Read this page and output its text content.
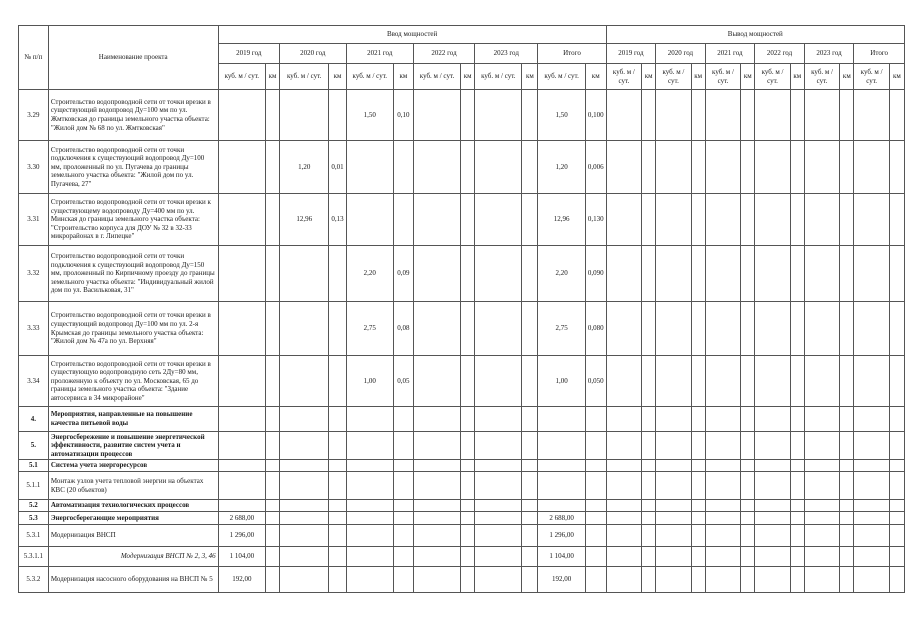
№ п/п	Наименование проекта	Ввод мощностей												Вывод мощностей											
		2019 год		2020 год		2021 год		2022 год		2023 год		Итого		2019 год		2020 год		2021 год		2022 год		2023 год		Итого	
		куб. м / сут.	км	куб. м / сут.	км	куб. м / сут.	км	куб. м / сут.	км	куб. м / сут.	км	куб. м / сут.	км	куб. м / сут.	км	куб. м / сут.	км	куб. м / сут.	км	куб. м / сут.	км	куб. м / сут.	км	куб. м / сут.	км
3.29	Строительство водопроводной сети от точки врезки в существующий водопровод Ду=100 мм по ул. Жмтковская до границы земельного участка объекта: "Жилой дом № 68 по ул. Жмтковская"					1,50	0,10					1,50	0,100												
3.30	Строительство водопроводной сети от точки подключения к существующий водопровод Ду=100 мм, проложенный по ул. Пугачева до границы земельного участка объекта: "Жилой дом по ул. Пугачева, 27"			1,20	0,01							1,20	0,006												
3.31	Строительство водопроводной сети от точки врезки к существующему водопроводу Ду=400 мм по ул. Минская до границы земельного участка объекта: "Строительство корпуса для ДОУ № 32 в 32-33 микрорайонах в г. Липецке"			12,96	0,13							12,96	0,130												
3.32	Строительство водопроводной сети от точки подключения к существующий водопровод Ду=150 мм, проложенный по Кирпичному проезду до границы земельного участка объекта: "Индивидуальный жилой дом по ул. Васильковая, 31"					2,20	0,09					2,20	0,090												
3.33	Строительство водопроводной сети от точки врезки в существующий водопровод Ду=100 мм по ул. 2-я Крымская до границы земельного участка объекта: "Жилой дом № 47а по ул. Верхняя"					2,75	0,08					2,75	0,080												
3.34	Строительство водопроводной сети от точки врезки в существующую водопроводную сеть 2Ду=80 мм, проложенную к объекту по ул. Московская, 65 до границы земельного участка объекта: "Здание автосервиса в 34 микрорайоне"					1,00	0,05					1,00	0,050												
4.	Мероприятия, направленные на повышение качества питьевой воды																								
5.	Энергосбережение и повышение энергетической эффективности, развитие систем учета и автоматизации процессов																								
5.1	Система учета энергоресурсов																								
5.1.1	Монтаж узлов учета тепловой энергии на объектах КВС (20 объектов)																								
5.2	Автоматизация технологических процессов																								
5.3	Энергосберегающие мероприятия	2 688,00										2 688,00													
5.3.1	Модернизация ВНСП	1 296,00										1 296,00													
5.3.1.1	Модернизация ВНСП № 2, 3, 46	1 104,00										1 104,00													
5.3.2	Модернизация насосного оборудования на ВНСП № 5	192,00										192,00													
